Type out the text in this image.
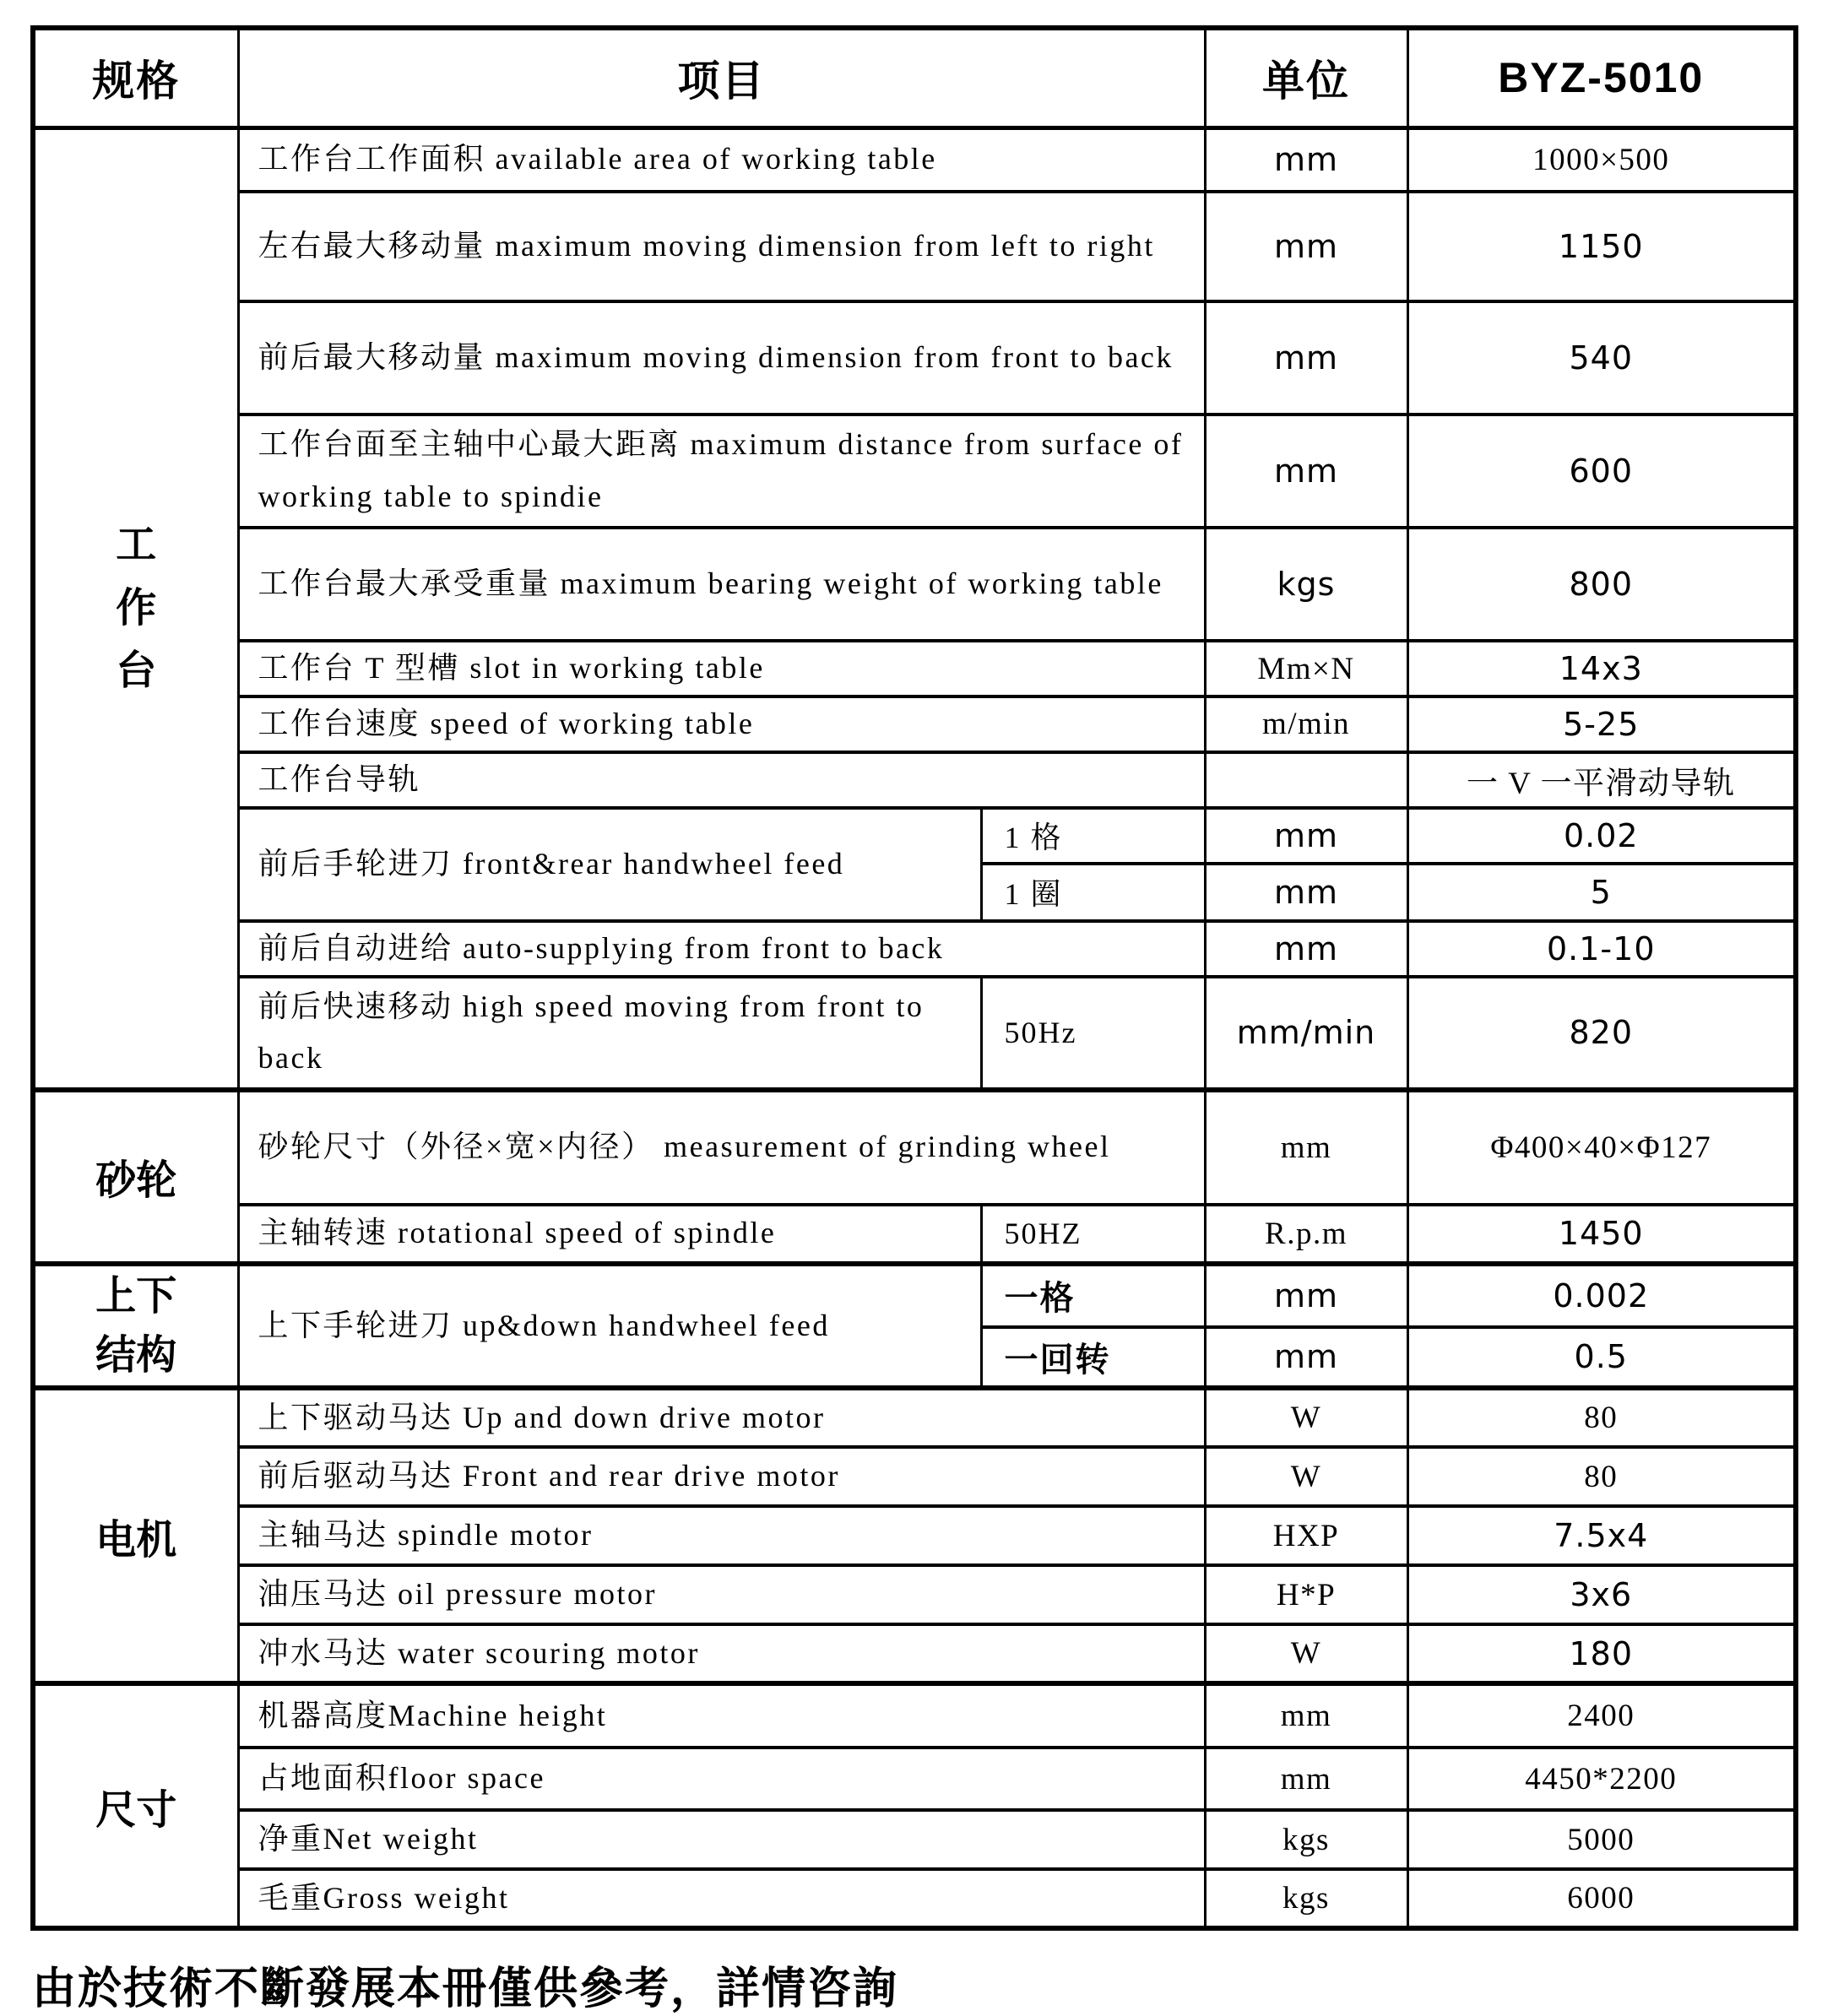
规格	项目		单位	BYZ-5010
工作台	工作台工作面积 available area of working table		mm	1000×500
	左右最大移动量 maximum moving dimension from left to right		mm	1150
	前后最大移动量 maximum moving dimension from front to back		mm	540
	工作台面至主轴中心最大距离 maximum distance from surface of working table to spindie		mm	600
	工作台最大承受重量 maximum bearing weight of working table		kgs	800
	工作台 T 型槽 slot in working table		Mm×N	14x3
	工作台速度 speed of working table		m/min	5-25
	工作台导轨			一 V 一平滑动导轨
	前后手轮进刀 front&rear handwheel feed	1 格	mm	0.02
		1 圈	mm	5
	前后自动进给 auto-supplying from front to back		mm	0.1-10
	前后快速移动 high speed moving from front to back	50Hz	mm/min	820
砂轮	砂轮尺寸（外径×宽×内径） measurement of grinding wheel		mm	Φ400×40×Φ127
	主轴转速 rotational speed of spindle	50HZ	R.p.m	1450
上下结构	上下手轮进刀 up&down handwheel feed	一格	mm	0.002
		一回转	mm	0.5
电机	上下驱动马达 Up and down drive motor		W	80
	前后驱动马达 Front and rear drive motor		W	80
	主轴马达 spindle motor		HXP	7.5x4
	油压马达 oil pressure motor		H*P	3x6
	冲水马达 water scouring motor		W	180
尺寸	机器高度Machine height		mm	2400
	占地面积floor space		mm	4450*2200
	净重Net weight		kgs	5000
	毛重Gross weight		kgs	6000
由於技術不斷發展本冊僅供參考，詳情咨詢
